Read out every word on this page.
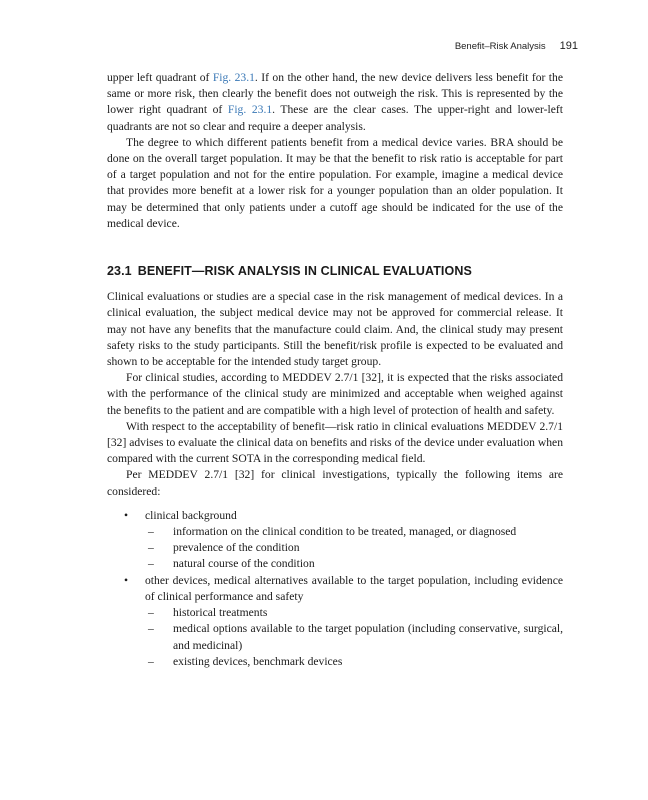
Benefit–Risk Analysis 191

upper left quadrant of Fig. 23.1. If on the other hand, the new device delivers less benefit for the same or more risk, then clearly the benefit does not outweigh the risk. This is represented by the lower right quadrant of Fig. 23.1. These are the clear cases. The upper-right and lower-left quadrants are not so clear and require a deeper analysis.

The degree to which different patients benefit from a medical device varies. BRA should be done on the overall target population. It may be that the benefit to risk ratio is acceptable for part of a target population and not for the entire population. For example, imagine a medical device that provides more benefit at a lower risk for a younger population than an older population. It may be determined that only patients under a cutoff age should be indicated for the use of the medical device.

23.1 BENEFIT—RISK ANALYSIS IN CLINICAL EVALUATIONS

Clinical evaluations or studies are a special case in the risk management of medical devices. In a clinical evaluation, the subject medical device may not be approved for commercial release. It may not have any benefits that the manufacture could claim. And, the clinical study may present safety risks to the study participants. Still the benefit/risk profile is expected to be evaluated and shown to be acceptable for the intended study target group.

For clinical studies, according to MEDDEV 2.7/1 [32], it is expected that the risks associated with the performance of the clinical study are minimized and acceptable when weighed against the benefits to the patient and are compatible with a high level of protection of health and safety.

With respect to the acceptability of benefit—risk ratio in clinical evaluations MEDDEV 2.7/1 [32] advises to evaluate the clinical data on benefits and risks of the device under evaluation when compared with the current SOTA in the corresponding medical field.

Per MEDDEV 2.7/1 [32] for clinical investigations, typically the following items are considered:

• clinical background
– information on the clinical condition to be treated, managed, or diagnosed
– prevalence of the condition
– natural course of the condition
• other devices, medical alternatives available to the target population, including evidence of clinical performance and safety
– historical treatments
– medical options available to the target population (including conservative, surgical, and medicinal)
– existing devices, benchmark devices
